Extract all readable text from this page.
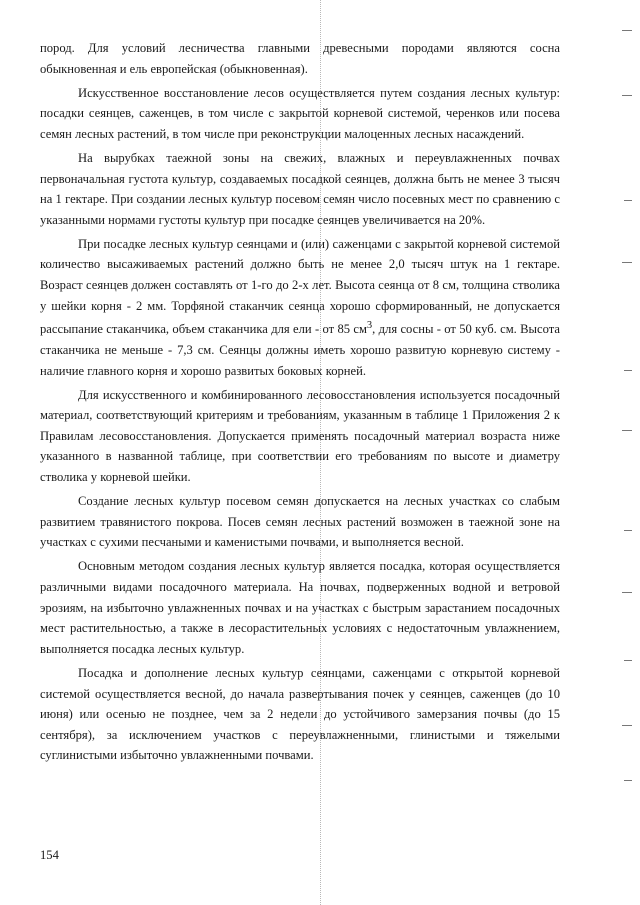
пород. Для условий лесничества главными древесными породами являются сосна обыкновенная и ель европейская (обыкновенная).

Искусственное восстановление лесов осуществляется путем создания лесных культур: посадки сеянцев, саженцев, в том числе с закрытой корневой системой, черенков или посева семян лесных растений, в том числе при реконструкции малоценных лесных насаждений.

На вырубках таежной зоны на свежих, влажных и переувлажненных почвах первоначальная густота культур, создаваемых посадкой сеянцев, должна быть не менее 3 тысяч на 1 гектаре. При создании лесных культур посевом семян число посевных мест по сравнению с указанными нормами густоты культур при посадке сеянцев увеличивается на 20%.

При посадке лесных культур сеянцами и (или) саженцами с закрытой корневой системой количество высаживаемых растений должно быть не менее 2,0 тысяч штук на 1 гектаре. Возраст сеянцев должен составлять от 1-го до 2-х лет. Высота сеянца от 8 см, толщина стволика у шейки корня - 2 мм. Торфяной стаканчик сеянца хорошо сформированный, не допускается рассыпание стаканчика, объем стаканчика для ели - от 85 $см^3$, для сосны - от 50 куб. см. Высота стаканчика не меньше - 7,3 см. Сеянцы должны иметь хорошо развитую корневую систему - наличие главного корня и хорошо развитых боковых корней.

Для искусственного и комбинированного лесовосстановления используется посадочный материал, соответствующий критериям и требованиям, указанным в таблице 1 Приложения 2 к Правилам лесовосстановления. Допускается применять посадочный материал возраста ниже указанного в названной таблице, при соответствии его требованиям по высоте и диаметру стволика у корневой шейки.

Создание лесных культур посевом семян допускается на лесных участках со слабым развитием травянистого покрова. Посев семян лесных растений возможен в таежной зоне на участках с сухими песчаными и каменистыми почвами, и выполняется весной.

Основным методом создания лесных культур является посадка, которая осуществляется различными видами посадочного материала. На почвах, подверженных водной и ветровой эрозиям, на избыточно увлажненных почвах и на участках с быстрым зарастанием посадочных мест растительностью, а также в лесорастительных условиях с недостаточным увлажнением, выполняется посадка лесных культур.

Посадка и дополнение лесных культур сеянцами, саженцами с открытой корневой системой осуществляется весной, до начала развертывания почек у сеянцев, саженцев (до 10 июня) или осенью не позднее, чем за 2 недели до устойчивого замерзания почвы (до 15 сентября), за исключением участков с переувлажненными, глинистыми и тяжелыми суглинистыми избыточно увлажненными почвами.

154
